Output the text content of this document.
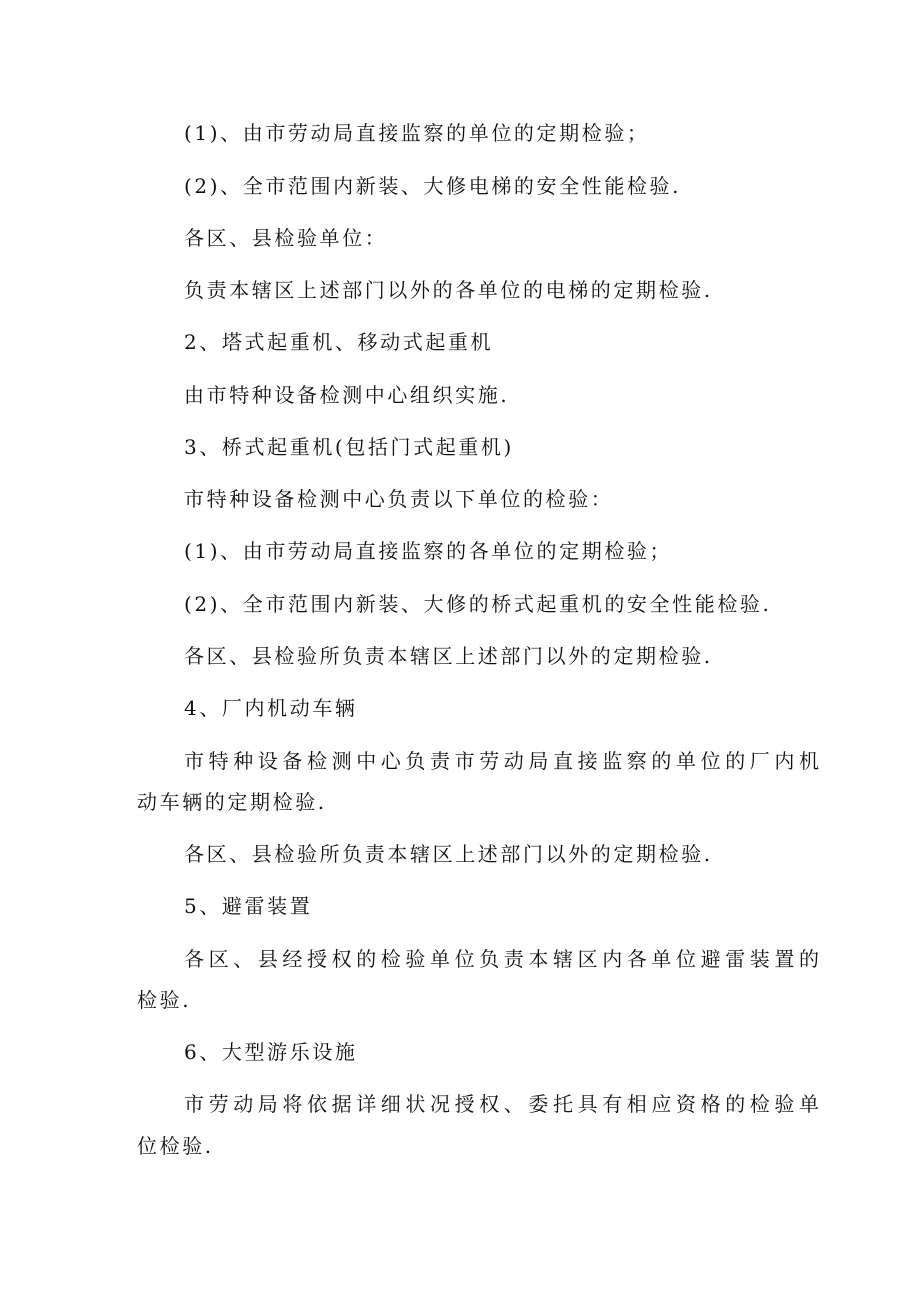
(1)、由市劳动局直接监察的单位的定期检验；

(2)、全市范围内新装、大修电梯的安全性能检验.

各区、县检验单位：

负责本辖区上述部门以外的各单位的电梯的定期检验.

2、塔式起重机、移动式起重机

由市特种设备检测中心组织实施.

3、桥式起重机(包括门式起重机)

市特种设备检测中心负责以下单位的检验：

(1)、由市劳动局直接监察的各单位的定期检验；

(2)、全市范围内新装、大修的桥式起重机的安全性能检验.

各区、县检验所负责本辖区上述部门以外的定期检验.

4、厂内机动车辆

市特种设备检测中心负责市劳动局直接监察的单位的厂内机

动车辆的定期检验.

各区、县检验所负责本辖区上述部门以外的定期检验.

5、避雷装置

各区、县经授权的检验单位负责本辖区内各单位避雷装置的

检验.

6、大型游乐设施

市劳动局将依据详细状况授权、委托具有相应资格的检验单

位检验.
